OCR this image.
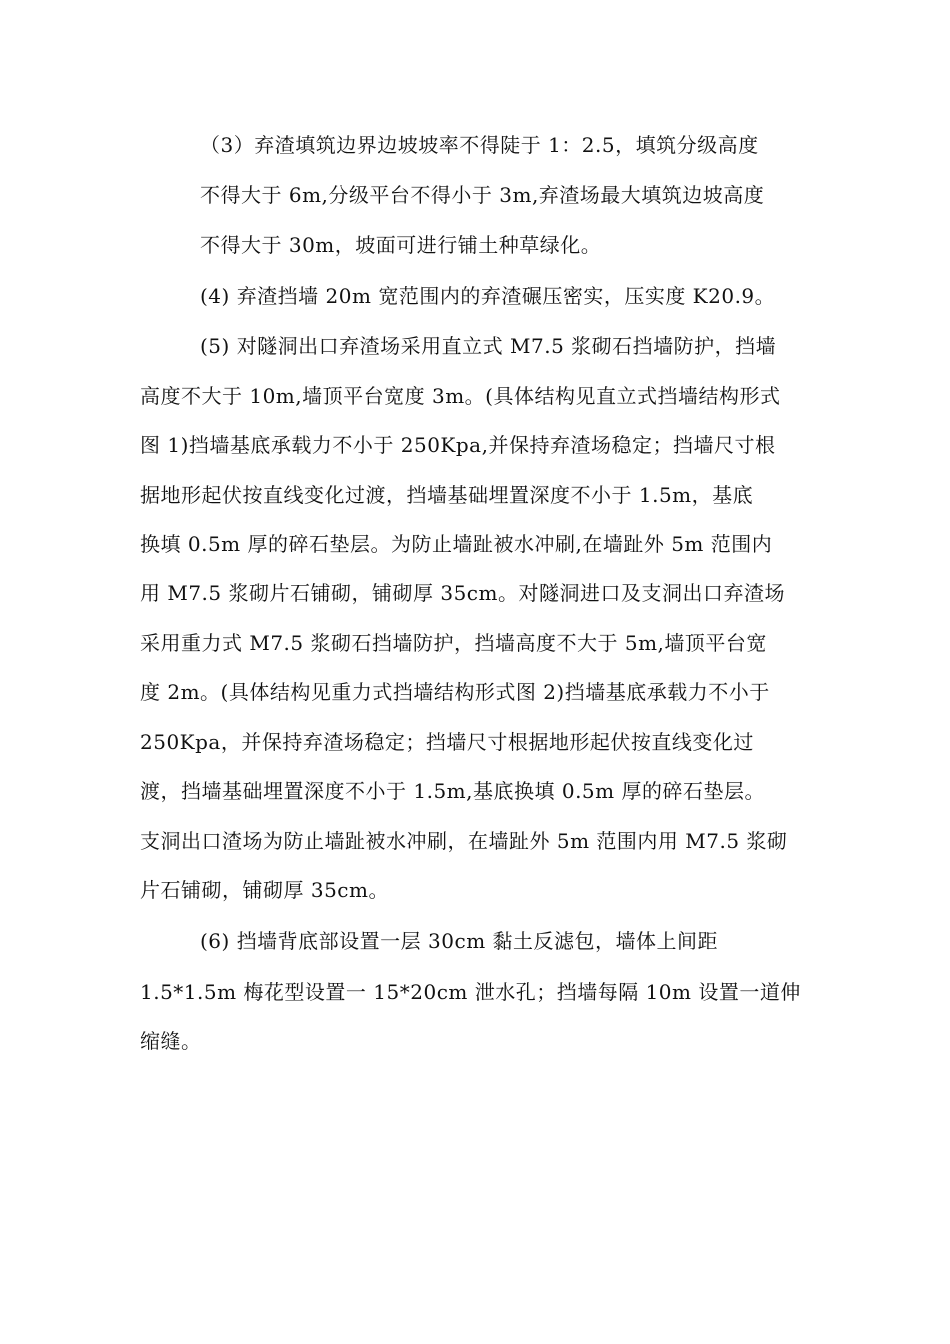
（3）弃渣填筑边界边坡坡率不得陡于 1：2.5，填筑分级高度
不得大于 6m,分级平台不得小于 3m,弃渣场最大填筑边坡高度
不得大于 30m，坡面可进行铺土种草绿化。
(4) 弃渣挡墙 20m 宽范围内的弃渣碾压密实，压实度 K20.9。
(5) 对隧洞出口弃渣场采用直立式 M7.5 浆砌石挡墙防护，挡墙
高度不大于 10m,墙顶平台宽度 3m。(具体结构见直立式挡墙结构形式
图 1)挡墙基底承载力不小于 250Kpa,并保持弃渣场稳定；挡墙尺寸根
据地形起伏按直线变化过渡，挡墙基础埋置深度不小于 1.5m，基底
换填 0.5m 厚的碎石垫层。为防止墙趾被水冲刷,在墙趾外 5m 范围内
用 M7.5 浆砌片石铺砌，铺砌厚 35cm。对隧洞进口及支洞出口弃渣场
采用重力式 M7.5 浆砌石挡墙防护，挡墙高度不大于 5m,墙顶平台宽
度 2m。(具体结构见重力式挡墙结构形式图 2)挡墙基底承载力不小于
250Kpa，并保持弃渣场稳定；挡墙尺寸根据地形起伏按直线变化过
渡，挡墙基础埋置深度不小于 1.5m,基底换填 0.5m 厚的碎石垫层。
支洞出口渣场为防止墙趾被水冲刷，在墙趾外 5m 范围内用 M7.5 浆砌
片石铺砌，铺砌厚 35cm。
(6) 挡墙背底部设置一层 30cm 黏土反滤包，墙体上间距
1.5*1.5m 梅花型设置一 15*20cm 泄水孔；挡墙每隔 10m 设置一道伸
缩缝。
